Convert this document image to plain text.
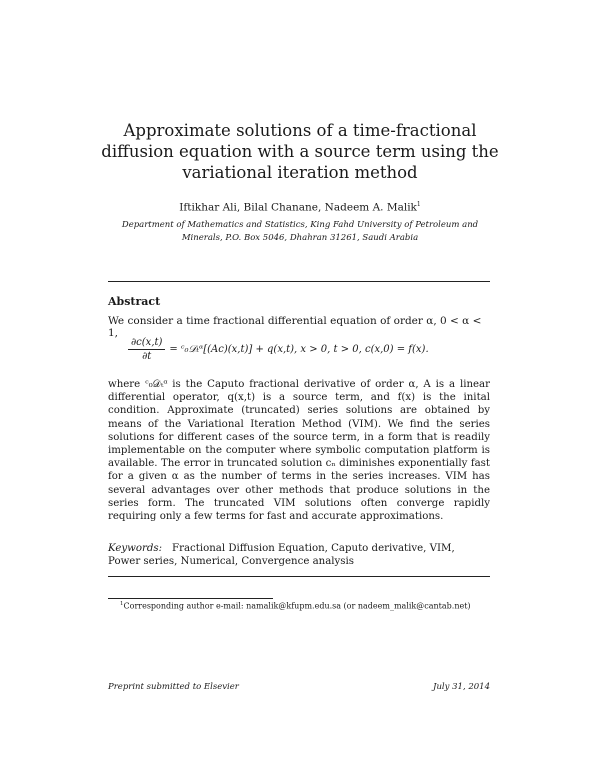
Approximate solutions of a time-fractional diffusion equation with a source term using the variational iteration method
Iftikhar Ali, Bilal Chanane, Nadeem A. Malik$^1$
Department of Mathematics and Statistics, King Fahd University of Petroleum and Minerals, P.O. Box 5046, Dhahran 31261, Saudi Arabia
Abstract
We consider a time fractional differential equation of order α, 0 < α < 1,
$\frac{\partial c(x,t)}{\partial t}$ = ᶜ₀𝒟ₜᵅ[(Ac)(x,t)] + q(x,t), x > 0, t > 0, c(x,0) = f(x).
where ᶜ₀𝒟ₜᵅ is the Caputo fractional derivative of order α, A is a linear differential operator, q(x,t) is a source term, and f(x) is the inital condition. Approximate (truncated) series solutions are obtained by means of the Variational Iteration Method (VIM). We find the series solutions for different cases of the source term, in a form that is readily implementable on the computer where symbolic computation platform is available. The error in truncated solution cₙ diminishes exponentially fast for a given α as the number of terms in the series increases. VIM has several advantages over other methods that produce solutions in the series form. The truncated VIM solutions often converge rapidly requiring only a few terms for fast and accurate approximations.
Keywords: Fractional Diffusion Equation, Caputo derivative, VIM, Power series, Numerical, Convergence analysis
$^1$Corresponding author e-mail: namalik@kfupm.edu.sa (or nadeem_malik@cantab.net)
Preprint submitted to Elsevier	July 31, 2014
